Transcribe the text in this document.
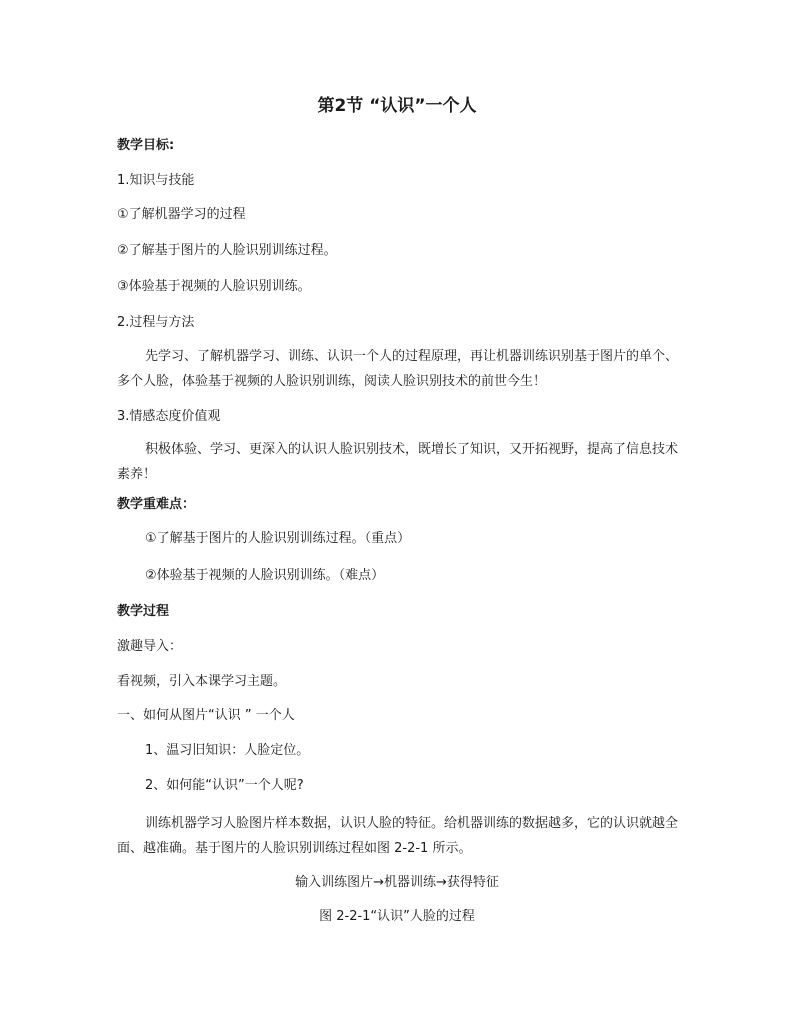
第2节 “认识”一个人
教学目标:
1.知识与技能
①了解机器学习的过程
②了解基于图片的人脸识别训练过程。
③体验基于视频的人脸识别训练。
2.过程与方法
先学习、了解机器学习、训练、认识一个人的过程原理，再让机器训练识别基于图片的单个、多个人脸，体验基于视频的人脸识别训练，阅读人脸识别技术的前世今生！
3.情感态度价值观
积极体验、学习、更深入的认识人脸识别技术，既增长了知识，又开拓视野，提高了信息技术素养！
教学重难点：
①了解基于图片的人脸识别训练过程。（重点）
②体验基于视频的人脸识别训练。（难点）
教学过程
激趣导入：
看视频，引入本课学习主题。
一、如何从图片“认识 ” 一个人
1、温习旧知识：人脸定位。
2、如何能“认识”一个人呢?
训练机器学习人脸图片样本数据，认识人脸的特征。给机器训练的数据越多，它的认识就越全面、越准确。基于图片的人脸识别训练过程如图 2-2-1 所示。
输入训练图片→机器训练→获得特征
图 2-2-1“认识”人脸的过程
